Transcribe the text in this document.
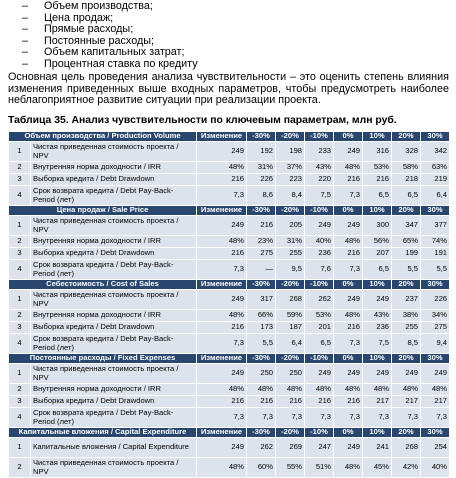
– Объем производства;
– Цена продаж;
– Прямые расходы;
– Постоянные расходы;
– Объем капитальных затрат;
– Процентная ставка по кредиту
Основная цель проведения анализа чувствительности – это оценить степень влияния изменения приведенных выше входных параметров, чтобы предусмотреть наиболее неблагоприятное развитие ситуации при реализации проекта.
Таблица 35. Анализ чувствительности по ключевым параметрам, млн руб.
Объем производства / Production Volume		Изменение	-30%	-20%	-10%	0%	10%	20%	30%
1	Чистая приведенная стоимость проекта / NPV	249	192	198	233	249	316	328	342
2	Внутренняя норма доходности / IRR	48%	31%	37%	43%	48%	53%	58%	63%
3	Выборка кредита / Debt Drawdown	216	226	223	220	216	216	218	219
4	Срок возврата кредита / Debt Pay-Back-Period (лет)	7,3	8,6	8,4	7,5	7,3	6,5	6,5	6,4
Цена продаж / Sale Price		Изменение	-30%	-20%	-10%	0%	10%	20%	30%
1	Чистая приведенная стоимость проекта / NPV	249	216	205	249	249	300	347	377
2	Внутренняя норма доходности / IRR	48%	23%	31%	40%	48%	56%	65%	74%
3	Выборка кредита / Debt Drawdown	216	275	255	236	216	207	199	191
4	Срок возврата кредита / Debt Pay-Back-Period (лет)	7,3	—	9,5	7,6	7,3	6,5	5,5	5,5
Себестоимость / Cost of Sales		Изменение	-30%	-20%	-10%	0%	10%	20%	30%
1	Чистая приведенная стоимость проекта / NPV	249	317	268	262	249	249	237	226
2	Внутренняя норма доходности / IRR	48%	66%	59%	53%	48%	43%	38%	34%
3	Выборка кредита / Debt Drawdown	216	173	187	201	216	236	255	275
4	Срок возврата кредита / Debt Pay-Back-Period (лет)	7,3	5,5	6,4	6,5	7,3	7,5	8,5	9,4
Постоянные расходы / Fixed Expenses		Изменение	-30%	-20%	-10%	0%	10%	20%	30%
1	Чистая приведенная стоимость проекта / NPV	249	250	250	249	249	249	249	249
2	Внутренняя норма доходности / IRR	48%	48%	48%	48%	48%	48%	48%	48%
3	Выборка кредита / Debt Drawdown	216	216	216	216	216	217	217	217
4	Срок возврата кредита / Debt Pay-Back-Period (лет)	7,3	7,3	7,3	7,3	7,3	7,3	7,3	7,3
Капитальные вложения / Capital Expenditure		Изменение	-30%	-20%	-10%	0%	10%	20%	30%
1	Капитальные вложения / Capital Expenditure	249	262	269	247	249	241	268	254
2	Чистая приведенная стоимость проекта / NPV	48%	60%	55%	51%	48%	45%	42%	40%
